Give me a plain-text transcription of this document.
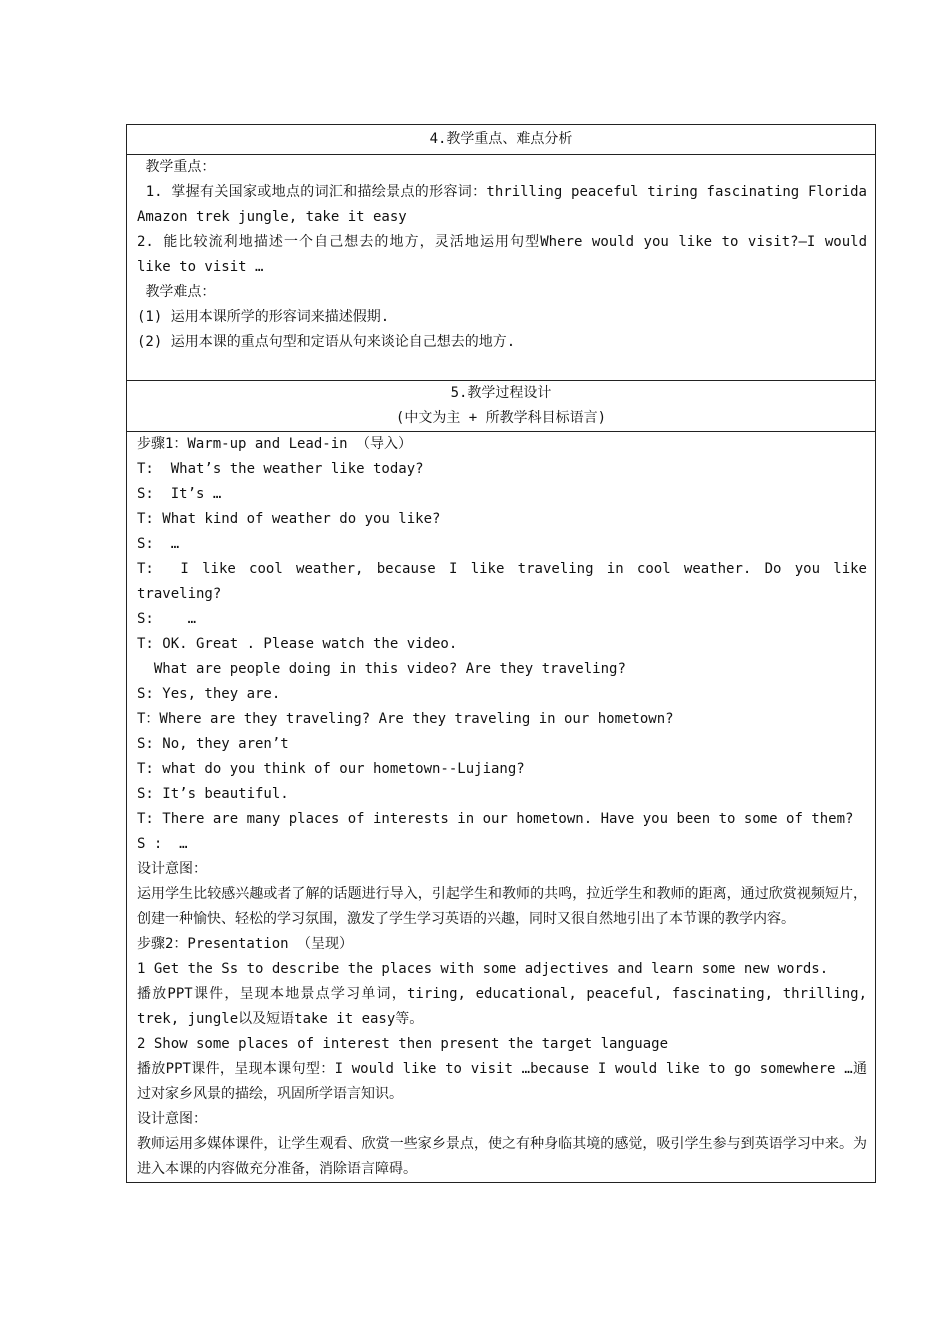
4.教学重点、难点分析
教学重点：
1. 掌握有关国家或地点的词汇和描绘景点的形容词：thrilling peaceful tiring fascinating Florida Amazon trek jungle, take it easy
2. 能比较流利地描述一个自己想去的地方，灵活地运用句型Where would you like to visit?—I would like to visit …
教学难点：
(1) 运用本课所学的形容词来描述假期.
(2) 运用本课的重点句型和定语从句来谈论自己想去的地方.
5.教学过程设计
(中文为主 + 所教学科目标语言)
步骤1：Warm-up and Lead-in （导入）
T:  What’s the weather like today?
S:  It’s …
T: What kind of weather do you like?
S:  …
T:  I like cool weather, because I like traveling in cool weather. Do you like traveling?
S:    …
T: OK. Great . Please watch the video.
What are people doing in this video? Are they traveling?
S: Yes, they are.
T：Where are they traveling? Are they traveling in our hometown?
S: No, they aren’t
T: what do you think of our hometown--Lujiang?
S: It’s beautiful.
T: There are many places of interests in our hometown. Have you been to some of them?
S :  …
设计意图：
运用学生比较感兴趣或者了解的话题进行导入，引起学生和教师的共鸣，拉近学生和教师的距离，通过欣赏视频短片，创建一种愉快、轻松的学习氛围，激发了学生学习英语的兴趣，同时又很自然地引出了本节课的教学内容。
步骤2：Presentation （呈现）
1 Get the Ss to describe the places with some adjectives and learn some new words.
播放PPT课件，呈现本地景点学习单词，tiring, educational, peaceful, fascinating, thrilling, trek, jungle以及短语take it easy等。
2 Show some places of interest then present the target language
播放PPT课件，呈现本课句型：I would like to visit …because I would like to go somewhere …通过对家乡风景的描绘，巩固所学语言知识。
设计意图：
教师运用多媒体课件，让学生观看、欣赏一些家乡景点，使之有种身临其境的感觉，吸引学生参与到英语学习中来。为进入本课的内容做充分准备，消除语言障碍。
